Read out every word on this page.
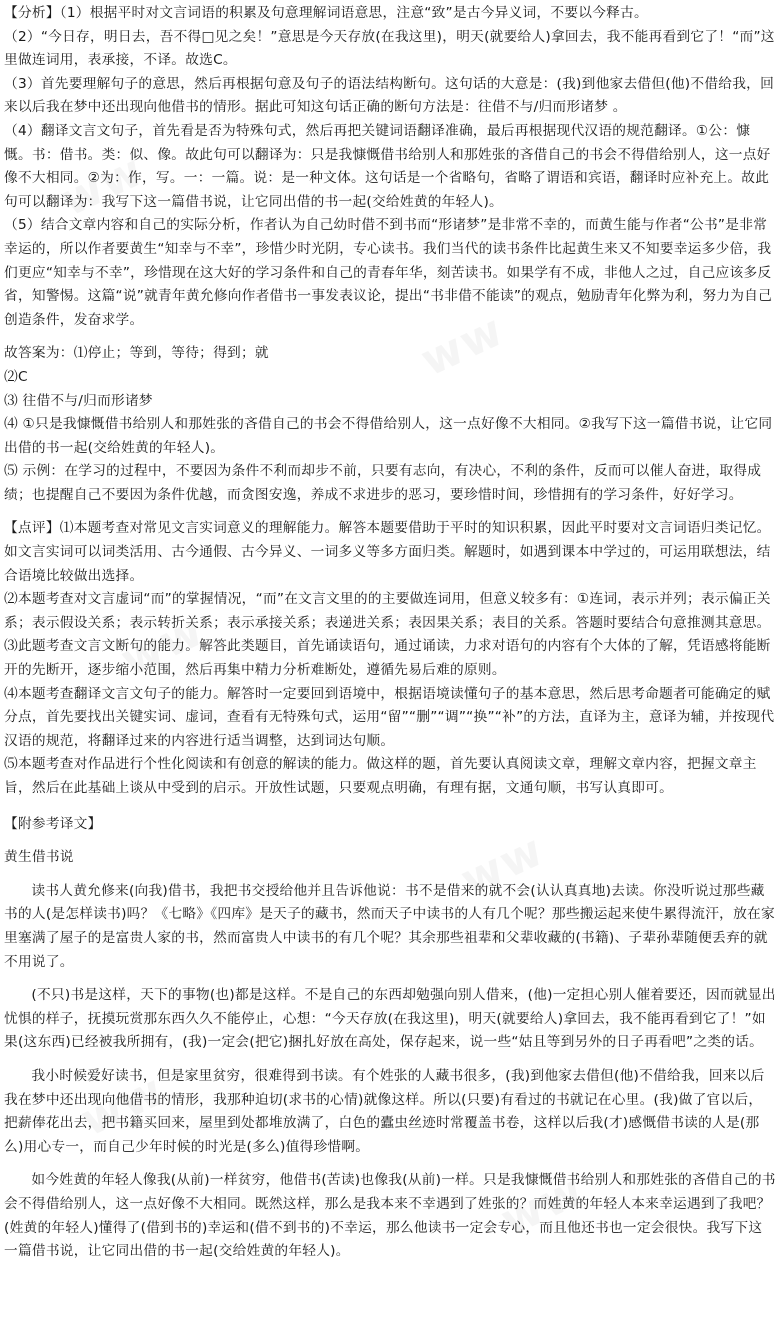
ww
ww
ww
ww
ww
ww

【分析】（1）根据平时对文言词语的积累及句意理解词语意思，注意“致”是古今异义词，不要以今释古。

（2）“今日存，明日去，吾不得□见之矣！”意思是今天存放(在我这里)，明天(就要给人)拿回去，我不能再看到它了！“而”这里做连词用，表承接，不译。故选C。

（3）首先要理解句子的意思，然后再根据句意及句子的语法结构断句。这句话的大意是：(我)到他家去借但(他)不借给我，回来以后我在梦中还出现向他借书的情形。据此可知这句话正确的断句方法是：往借不与/归而形诸梦 。

（4）翻译文言文句子，首先看是否为特殊句式，然后再把关键词语翻译准确，最后再根据现代汉语的规范翻译。①公：慷慨。书：借书。类：似、像。故此句可以翻译为：只是我慷慨借书给别人和那姓张的吝借自己的书会不得借给别人，这一点好像不大相同。②为：作，写。一：一篇。说：是一种文体。这句话是一个省略句，省略了谓语和宾语，翻译时应补充上。故此句可以翻译为：我写下这一篇借书说，让它同出借的书一起(交给姓黄的年轻人)。

（5）结合文章内容和自己的实际分析，作者认为自己幼时借不到书而“形诸梦”是非常不幸的，而黄生能与作者“公书”是非常幸运的，所以作者要黄生“知幸与不幸”，珍惜少时光阴，专心读书。我们当代的读书条件比起黄生来又不知要幸运多少倍，我们更应“知幸与不幸”，珍惜现在这大好的学习条件和自己的青春年华，刻苦读书。如果学有不成，非他人之过，自己应该多反省，知警惕。这篇“说”就青年黄允修向作者借书一事发表议论，提出“书非借不能读”的观点，勉励青年化弊为利，努力为自己创造条件，发奋求学。

故答案为：⑴停止；等到，等待；得到；就

⑵C

⑶ 往借不与/归而形诸梦

⑷ ①只是我慷慨借书给别人和那姓张的吝借自己的书会不得借给别人，这一点好像不大相同。②我写下这一篇借书说，让它同出借的书一起(交给姓黄的年轻人)。

⑸ 示例：在学习的过程中，不要因为条件不利而却步不前，只要有志向，有决心，不利的条件，反而可以催人奋进，取得成绩；也提醒自己不要因为条件优越，而贪图安逸，养成不求进步的恶习，要珍惜时间，珍惜拥有的学习条件，好好学习。

【点评】⑴本题考查对常见文言实词意义的理解能力。解答本题要借助于平时的知识积累，因此平时要对文言词语归类记忆。如文言实词可以词类活用、古今通假、古今异义、一词多义等多方面归类。解题时，如遇到课本中学过的，可运用联想法，结合语境比较做出选择。

⑵本题考查对文言虚词“而”的掌握情况，“而”在文言文里的的主要做连词用，但意义较多有：①连词，表示并列；表示偏正关系；表示假设关系；表示转折关系；表示承接关系；表递进关系；表因果关系；表目的关系。答题时要结合句意推测其意思。

⑶此题考查文言文断句的能力。解答此类题目，首先诵读语句，通过诵读，力求对语句的内容有个大体的了解，凭语感将能断开的先断开，逐步缩小范围，然后再集中精力分析难断处，遵循先易后难的原则。

⑷本题考查翻译文言文句子的能力。解答时一定要回到语境中，根据语境读懂句子的基本意思，然后思考命题者可能确定的赋分点，首先要找出关键实词、虚词，查看有无特殊句式，运用“留”“删”“调”“换”“补”的方法，直译为主，意译为辅，并按现代汉语的规范，将翻译过来的内容进行适当调整，达到词达句顺。

⑸本题考查对作品进行个性化阅读和有创意的解读的能力。做这样的题，首先要认真阅读文章，理解文章内容，把握文章主旨，然后在此基础上谈从中受到的启示。开放性试题，只要观点明确，有理有据，文通句顺，书写认真即可。

【附参考译文】

黄生借书说

读书人黄允修来(向我)借书，我把书交授给他并且告诉他说：书不是借来的就不会(认认真真地)去读。你没听说过那些藏书的人(是怎样读书)吗？《七略》《四库》是天子的藏书，然而天子中读书的人有几个呢？那些搬运起来使牛累得流汗，放在家里塞满了屋子的是富贵人家的书，然而富贵人中读书的有几个呢？其余那些祖辈和父辈收藏的(书籍)、子辈孙辈随便丢弃的就不用说了。

(不只)书是这样，天下的事物(也)都是这样。不是自己的东西却勉强向别人借来，(他)一定担心别人催着要还，因而就显出忧惧的样子，抚摸玩赏那东西久久不能停止，心想：“今天存放(在我这里)，明天(就要给人)拿回去，我不能再看到它了！”如果(这东西)已经被我所拥有，(我)一定会(把它)捆扎好放在高处，保存起来，说一些“姑且等到另外的日子再看吧”之类的话。

我小时候爱好读书，但是家里贫穷，很难得到书读。有个姓张的人藏书很多，(我)到他家去借但(他)不借给我，回来以后我在梦中还出现向他借书的情形，我那种迫切(求书的心情)就像这样。所以(只要)有看过的书就记在心里。(我)做了官以后，把薪俸花出去，把书籍买回来，屋里到处都堆放满了，白色的蠹虫丝迹时常覆盖书卷，这样以后我(才)感慨借书读的人是(那么)用心专一，而自己少年时候的时光是(多么)值得珍惜啊。

如今姓黄的年轻人像我(从前)一样贫穷，他借书(苦读)也像我(从前)一样。只是我慷慨借书给别人和那姓张的吝借自己的书会不得借给别人，这一点好像不大相同。既然这样，那么是我本来不幸遇到了姓张的？而姓黄的年轻人本来幸运遇到了我吧？(姓黄的年轻人)懂得了(借到书的)幸运和(借不到书的)不幸运，那么他读书一定会专心，而且他还书也一定会很快。我写下这一篇借书说，让它同出借的书一起(交给姓黄的年轻人)。
